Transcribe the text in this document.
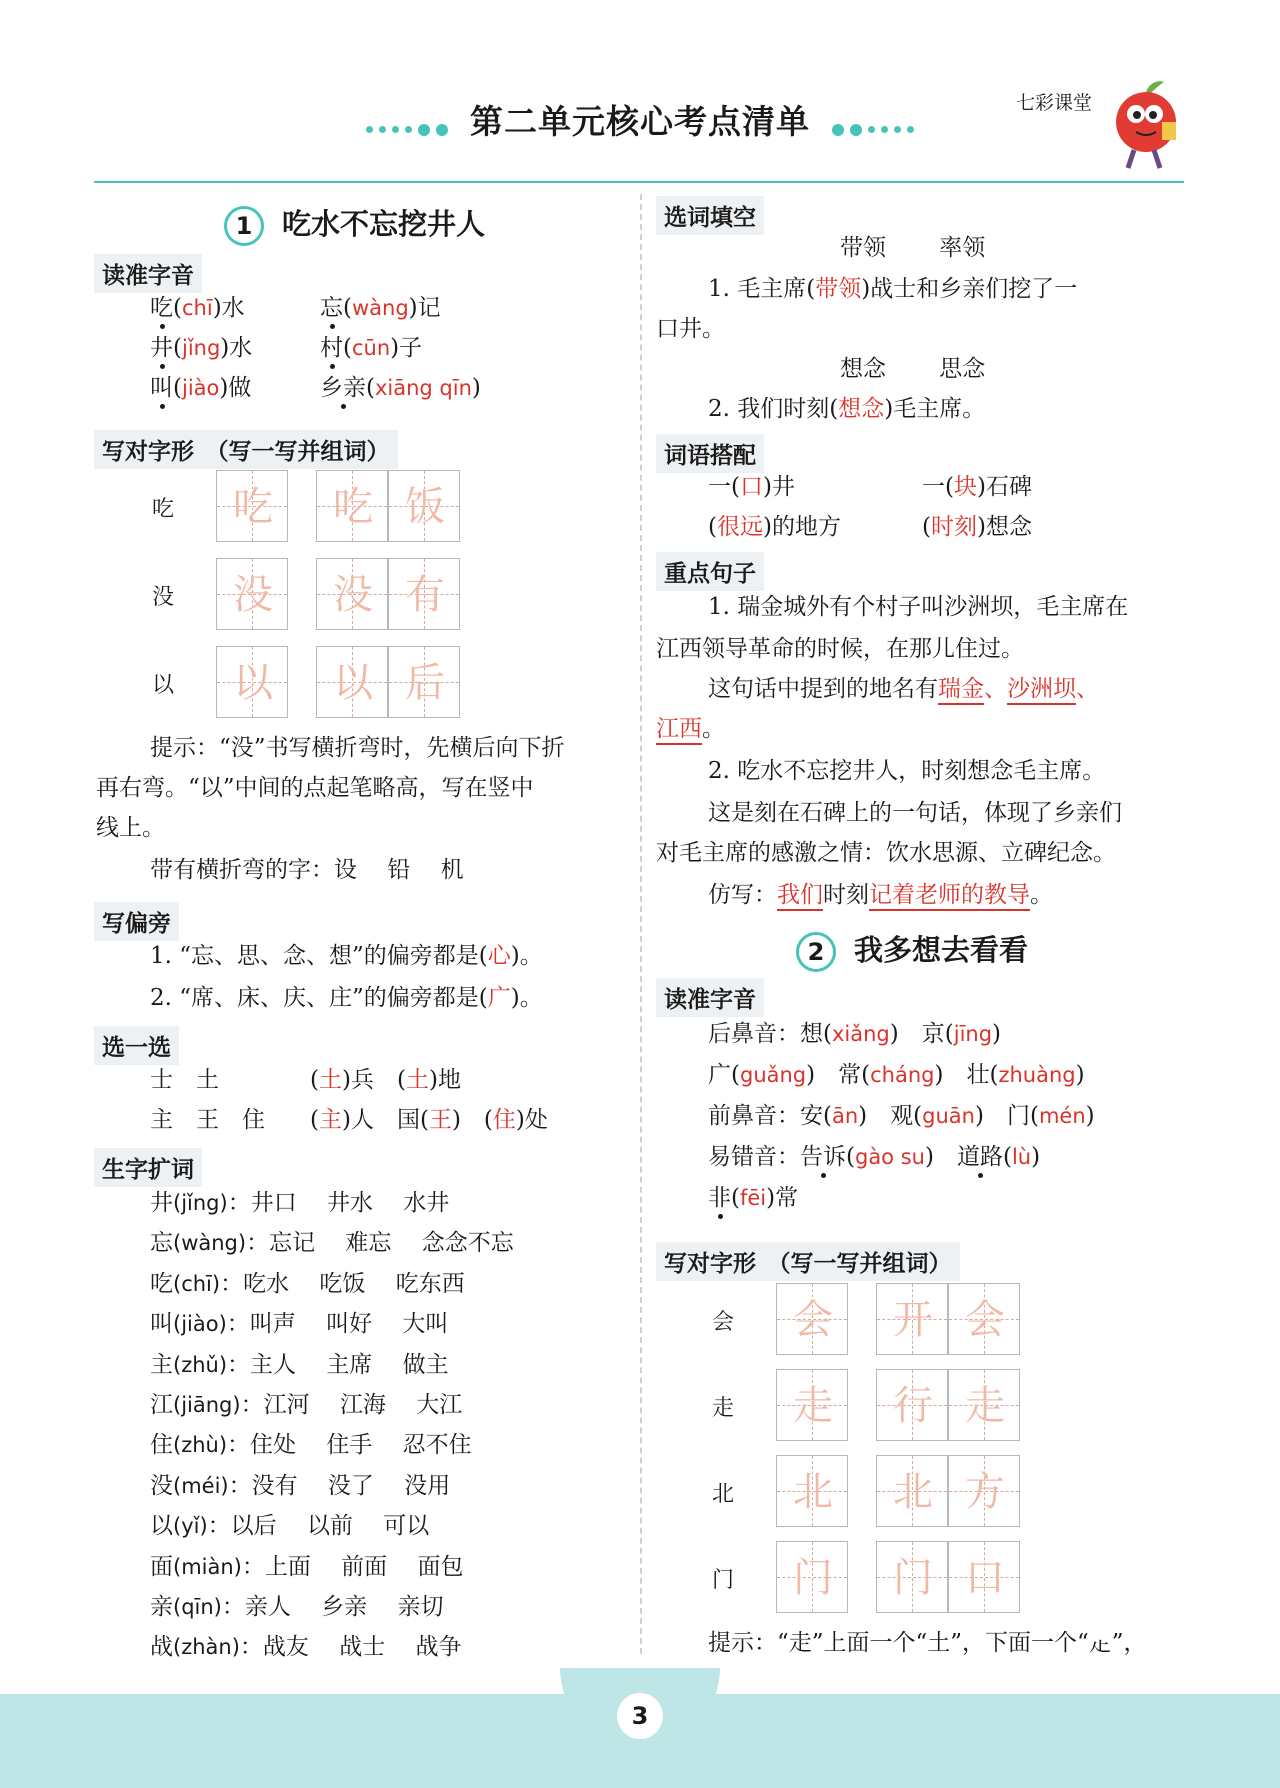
第二单元核心考点清单	七彩课堂
1 吃水不忘挖井人
读准字音
吃(chī)水	忘(wàng)记
井(jǐng)水	村(cūn)子
叫(jiào)做	乡亲(xiāng qīn)
写对字形　 （写一写并组词）
吃	吃	吃 饭
没	没	没 有
以	以	以 后
提示：“没”书写横折弯时，先横后向下折
再右弯。“以”中间的点起笔略高，写在竖中
线上。
带有横折弯的字：设　 铅　 机
写偏旁
1. “忘、思、念、想”的偏旁都是(心)。
2. “席、床、庆、庄”的偏旁都是(广)。
选一选
士　土	(土)兵　(土)地
主　王　住 (主)人　 国(王)　(住)处
生字扩词
井(jǐng)：井口　 井水　 水井
忘(wàng)：忘记　 难忘　 念念不忘
吃(chī)：吃水　 吃饭　 吃东西
叫(jiào)：叫声　 叫好　 大叫
主(zhǔ)：主人　 主席　 做主
江(jiāng)：江河　 江海　 大江
住(zhù)：住处　 住手　 忍不住
没(méi)：没有　 没了　 没用
以(yǐ)：以后　 以前　 可以
面(miàn)：上面　 前面　 面包
亲(qīn)：亲人　 乡亲　 亲切
战(zhàn)：战友　 战士　 战争
选词填空
带领　　 率领
1. 毛主席(带领)战士和乡亲们挖了一
口井。
想念　　 思念
2. 我们时刻(想念)毛主席。
词语搭配
一(口)井	一(块)石碑
(很远)的地方	(时刻)想念
重点句子
1. 瑞金城外有个村子叫沙洲坝，毛主席在
江西领导革命的时候，在那儿住过。
这句话中提到的地名有瑞金、沙洲坝、
江西。
2. 吃水不忘挖井人，时刻想念毛主席。
这是刻在石碑上的一句话，体现了乡亲们
对毛主席的感激之情：饮水思源、立碑纪念。
仿写：我们时刻记着老师的教导。
2 我多想去看看
读准字音
后鼻音：想(xiǎng)　京(jīng)
广(guǎng)　常(cháng)　壮(zhuàng)
前鼻音：安(ān)　观(guān)　门(mén)
易错音：告诉(gào su)　道路(lù)
非(fēi)常
写对字形　 （写一写并组词）
会	会	开 会
走	走	行 走
北	北	北 方
门	门	门 口
提示：“走”上面一个“土”，下面一个“龰”，
3
